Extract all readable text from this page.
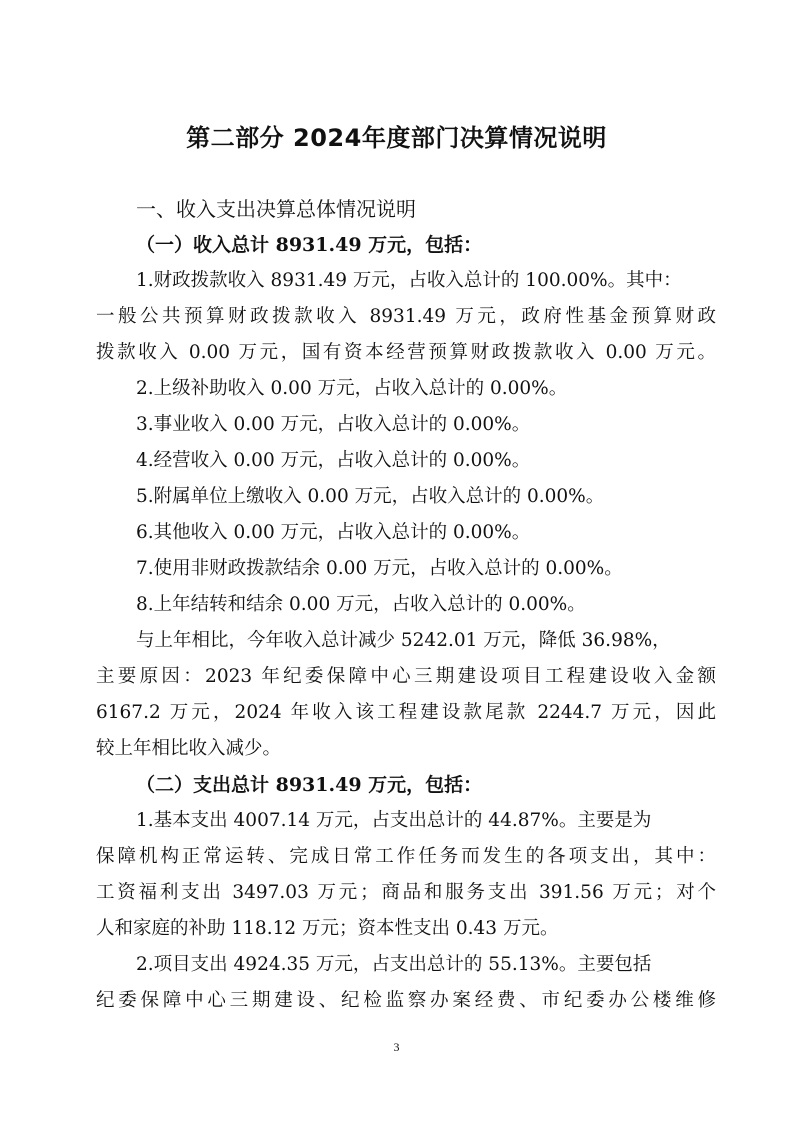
第二部分 2024年度部门决算情况说明
一、收入支出决算总体情况说明
（一）收入总计 8931.49 万元，包括：
1.财政拨款收入 8931.49 万元，占收入总计的 100.00%。其中：
一般公共预算财政拨款收入 8931.49 万元，政府性基金预算财政
拨款收入 0.00 万元，国有资本经营预算财政拨款收入 0.00 万元。
2.上级补助收入 0.00 万元，占收入总计的 0.00%。
3.事业收入 0.00 万元，占收入总计的 0.00%。
4.经营收入 0.00 万元，占收入总计的 0.00%。
5.附属单位上缴收入 0.00 万元，占收入总计的 0.00%。
6.其他收入 0.00 万元，占收入总计的 0.00%。
7.使用非财政拨款结余 0.00 万元，占收入总计的 0.00%。
8.上年结转和结余 0.00 万元，占收入总计的 0.00%。
与上年相比，今年收入总计减少 5242.01 万元，降低 36.98%，
主要原因：2023 年纪委保障中心三期建设项目工程建设收入金额
6167.2 万元，2024 年收入该工程建设款尾款 2244.7 万元，因此
较上年相比收入减少。
（二）支出总计 8931.49 万元，包括：
1.基本支出 4007.14 万元，占支出总计的 44.87%。主要是为
保障机构正常运转、完成日常工作任务而发生的各项支出，其中：
工资福利支出 3497.03 万元；商品和服务支出 391.56 万元；对个
人和家庭的补助 118.12 万元；资本性支出 0.43 万元。
2.项目支出 4924.35 万元，占支出总计的 55.13%。主要包括
纪委保障中心三期建设、纪检监察办案经费、市纪委办公楼维修
3
